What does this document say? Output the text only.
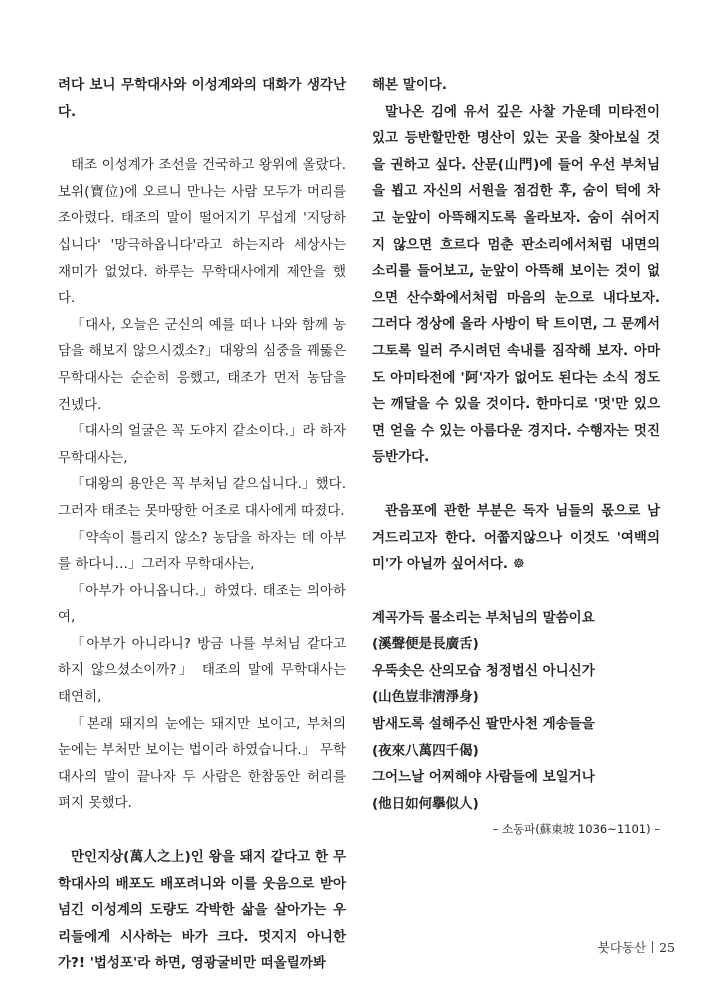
려다 보니 무학대사와 이성계와의 대화가 생각난다.

태조 이성계가 조선을 건국하고 왕위에 올랐다. 보위(寶位)에 오르니 만나는 사람 모두가 머리를 조아렸다. 태조의 말이 떨어지기 무섭게 '지당하십니다' '망극하옵니다'라고 하는지라 세상사는 재미가 없었다. 하루는 무학대사에게 제안을 했다.

「대사, 오늘은 군신의 예를 떠나 나와 함께 농담을 해보지 않으시겠소?」대왕의 심중을 꿰뚫은 무학대사는 순순히 응했고, 태조가 먼저 농담을 건넸다.

「대사의 얼굴은 꼭 도야지 같소이다.」라 하자 무학대사는,

「대왕의 용안은 꼭 부처님 같으십니다.」했다. 그러자 태조는 못마땅한 어조로 대사에게 따졌다.

「약속이 틀리지 않소? 농담을 하자는 데 아부를 하다니…」그러자 무학대사는,

「아부가 아니옵니다.」하였다. 태조는 의아하여,

「아부가 아니라니? 방금 나를 부처님 같다고 하지 않으셨소이까?」 태조의 말에 무학대사는 태연히,

「본래 돼지의 눈에는 돼지만 보이고, 부처의 눈에는 부처만 보이는 법이라 하였습니다.」 무학대사의 말이 끝나자 두 사람은 한참동안 허리를 펴지 못했다.

만인지상(萬人之上)인 왕을 돼지 같다고 한 무학대사의 배포도 배포려니와 이를 웃음으로 받아넘긴 이성계의 도량도 각박한 삶을 살아가는 우리들에게 시사하는 바가 크다. 멋지지 아니한가?! '법성포'라 하면, 영광굴비만 떠올릴까봐

해본 말이다.

말나온 김에 유서 깊은 사찰 가운데 미타전이 있고 등반할만한 명산이 있는 곳을 찾아보실 것을 권하고 싶다. 산문(山門)에 들어 우선 부처님을 뵙고 자신의 서원을 점검한 후, 숨이 턱에 차고 눈앞이 아뜩해지도록 올라보자. 숨이 쉬어지지 않으면 흐르다 멈춘 판소리에서처럼 내면의 소리를 들어보고, 눈앞이 아뜩해 보이는 것이 없으면 산수화에서처럼 마음의 눈으로 내다보자. 그러다 정상에 올라 사방이 탁 트이면, 그 문께서 그토록 일러 주시려던 속내를 짐작해 보자. 아마도 아미타전에 '阿'자가 없어도 된다는 소식 정도는 깨달을 수 있을 것이다. 한마디로 '멋'만 있으면 얻을 수 있는 아름다운 경지다. 수행자는 멋진 등반가다.

관음포에 관한 부분은 독자 님들의 몫으로 남겨드리고자 한다. 어쭙지않으나 이것도 '여백의 미'가 아닐까 싶어서다. ☸

계곡가득 물소리는 부처님의 말씀이요

(溪聲便是長廣舌)

우뚝솟은 산의모습 청정법신 아니신가

(山色豈非淸淨身)

밤새도록 설해주신 팔만사천 게송들을

(夜來八萬四千偈)

그어느날 어찌해야 사람들에 보일거나

(他日如何擧似人)

– 소동파(蘇東坡 1036~1101) –

붓다동산 25
